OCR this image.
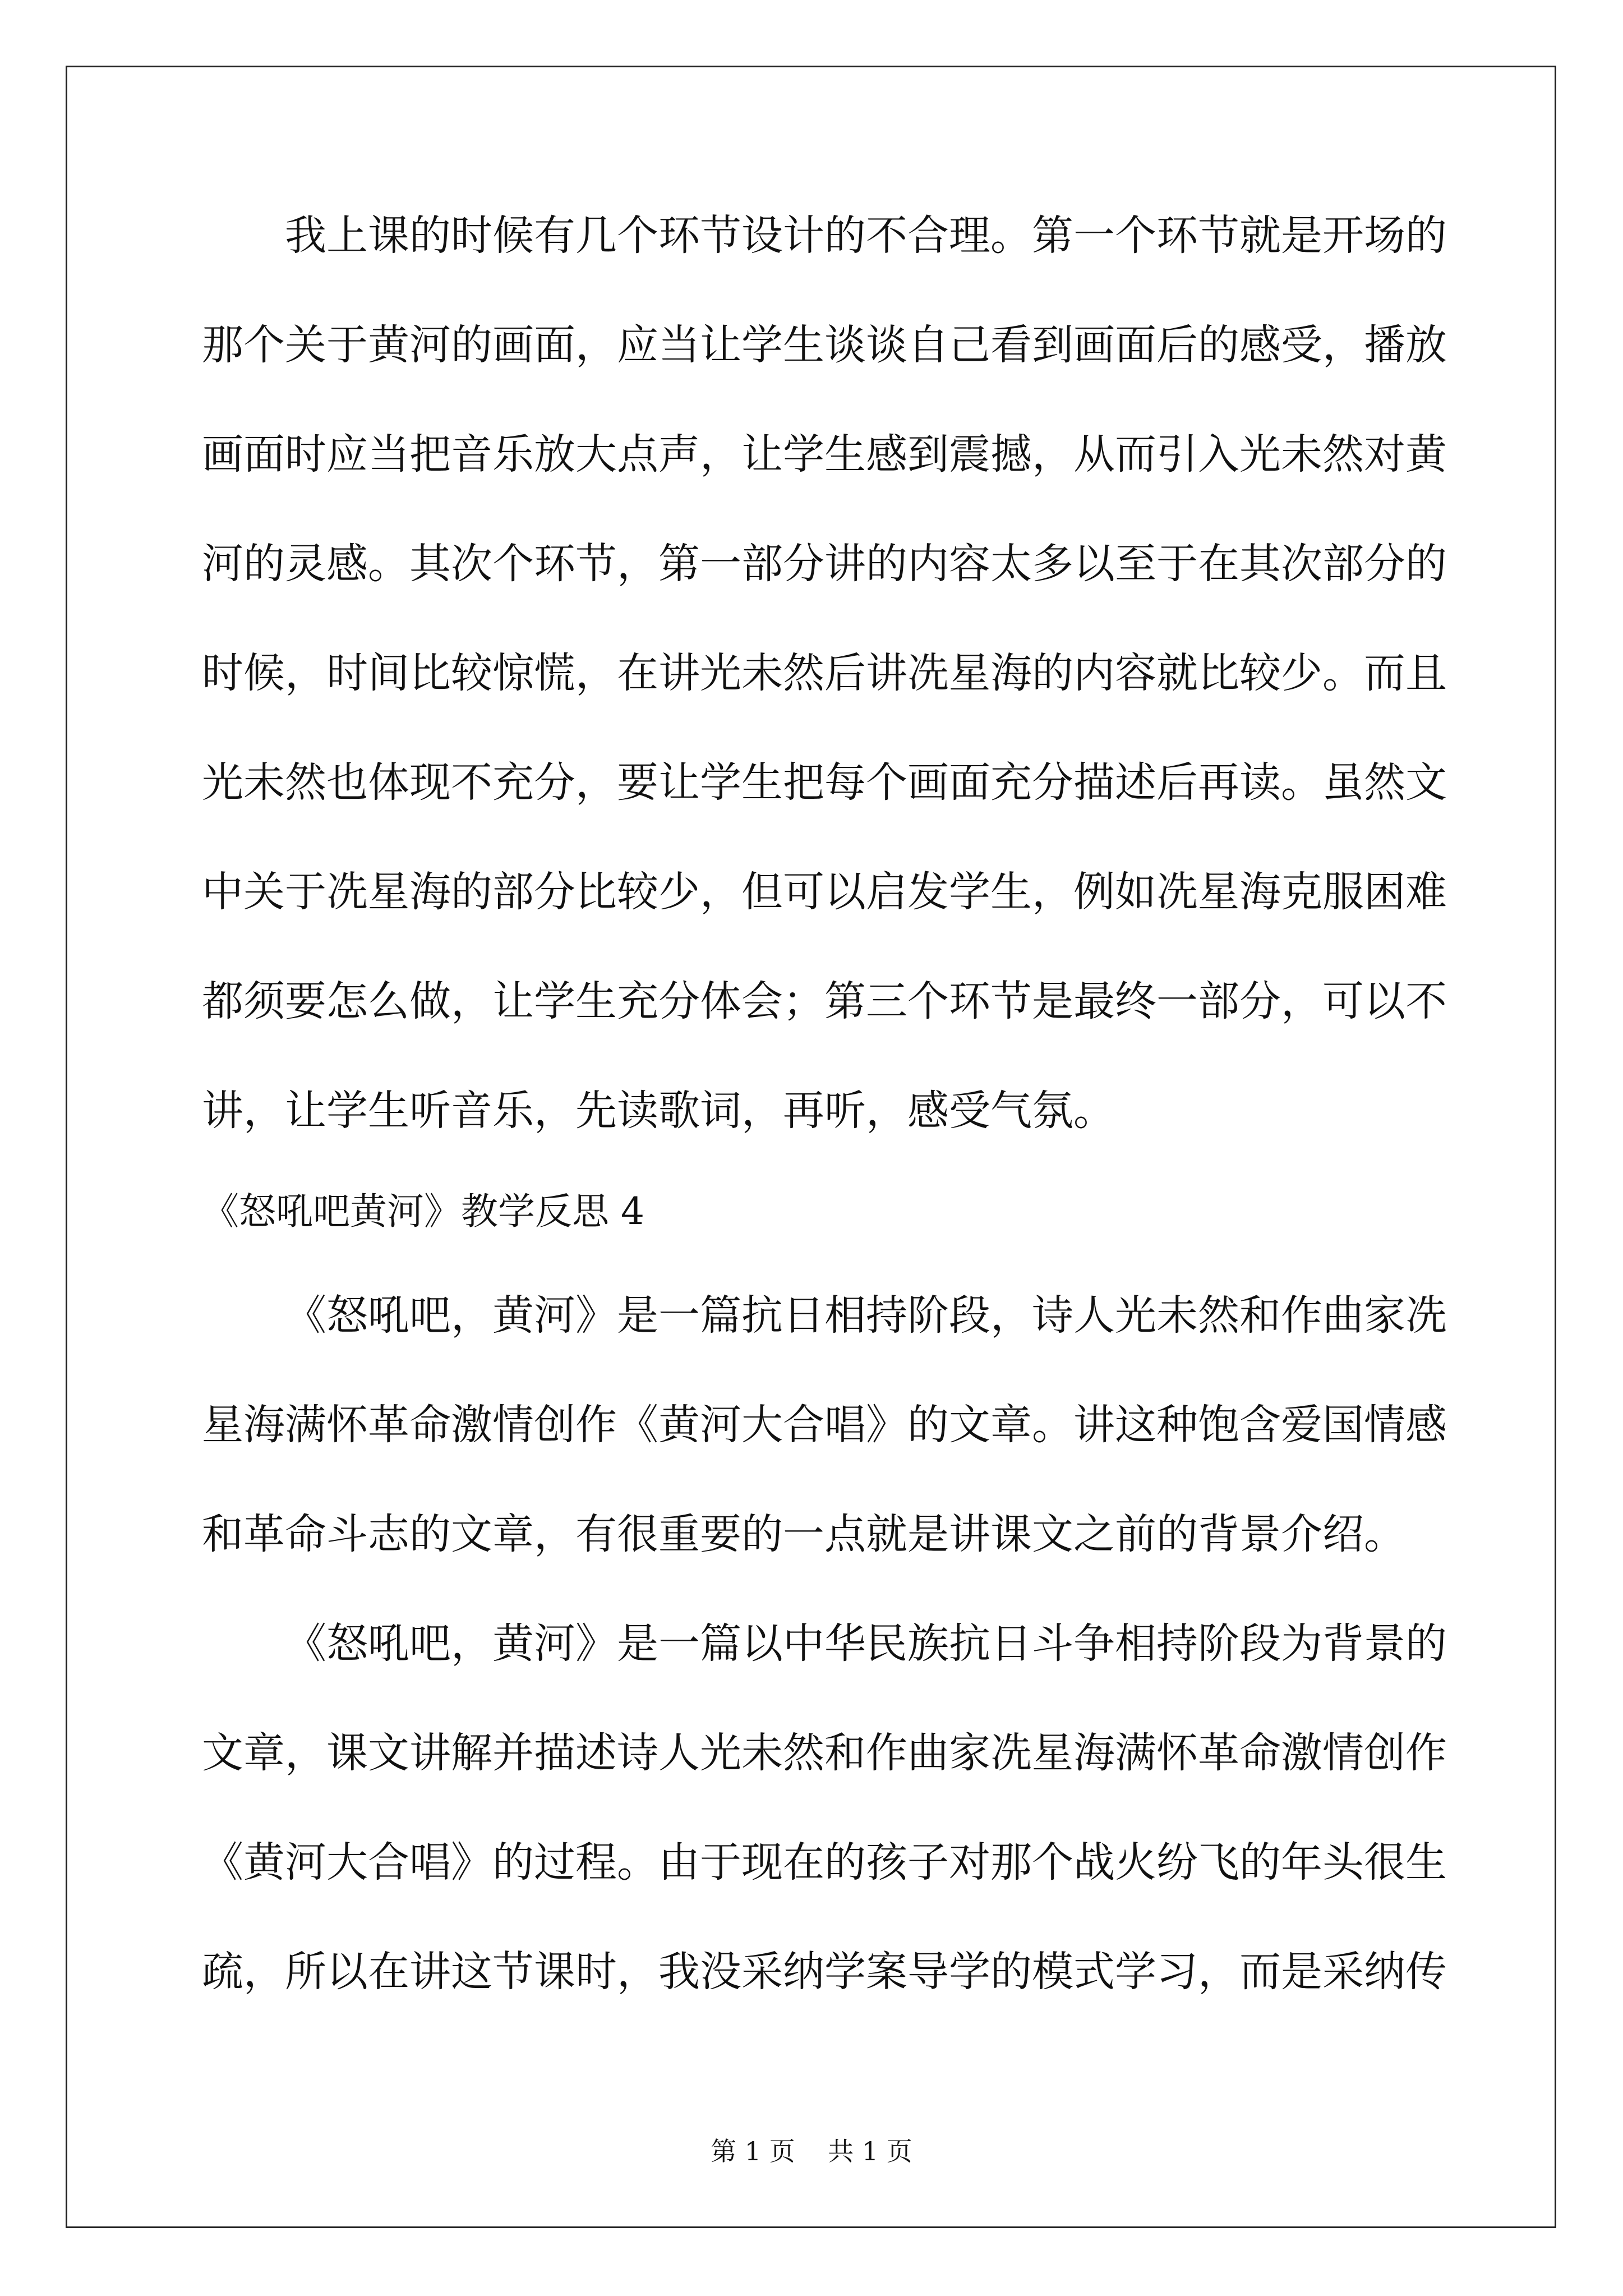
我上课的时候有几个环节设计的不合理。第一个环节就是开场的
那个关于黄河的画面，应当让学生谈谈自己看到画面后的感受，播放
画面时应当把音乐放大点声，让学生感到震撼，从而引入光未然对黄
河的灵感。其次个环节，第一部分讲的内容太多以至于在其次部分的
时候，时间比较惊慌，在讲光未然后讲冼星海的内容就比较少。而且
光未然也体现不充分，要让学生把每个画面充分描述后再读。虽然文
中关于冼星海的部分比较少，但可以启发学生，例如冼星海克服困难
都须要怎么做，让学生充分体会；第三个环节是最终一部分，可以不
讲，让学生听音乐，先读歌词，再听，感受气氛。
《怒吼吧黄河》教学反思 4
《怒吼吧，黄河》是一篇抗日相持阶段，诗人光未然和作曲家冼
星海满怀革命激情创作《黄河大合唱》的文章。讲这种饱含爱国情感
和革命斗志的文章，有很重要的一点就是讲课文之前的背景介绍。
《怒吼吧，黄河》是一篇以中华民族抗日斗争相持阶段为背景的
文章，课文讲解并描述诗人光未然和作曲家冼星海满怀革命激情创作
《黄河大合唱》的过程。由于现在的孩子对那个战火纷飞的年头很生
疏，所以在讲这节课时，我没采纳学案导学的模式学习，而是采纳传
第 1 页    共 1 页
